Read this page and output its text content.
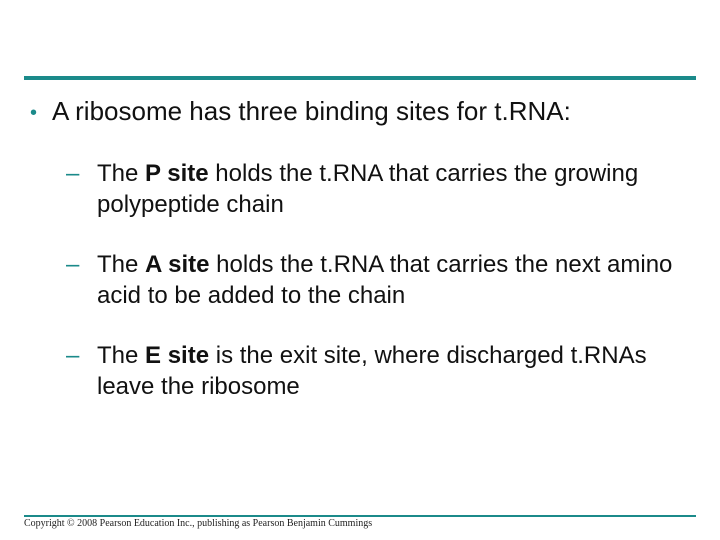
• A ribosome has three binding sites for t.RNA:
– The P site holds the t.RNA that carries the growing polypeptide chain
– The A site holds the t.RNA that carries the next amino acid to be added to the chain
– The E site is the exit site, where discharged t.RNAs leave the ribosome
Copyright © 2008 Pearson Education Inc., publishing as Pearson Benjamin Cummings
